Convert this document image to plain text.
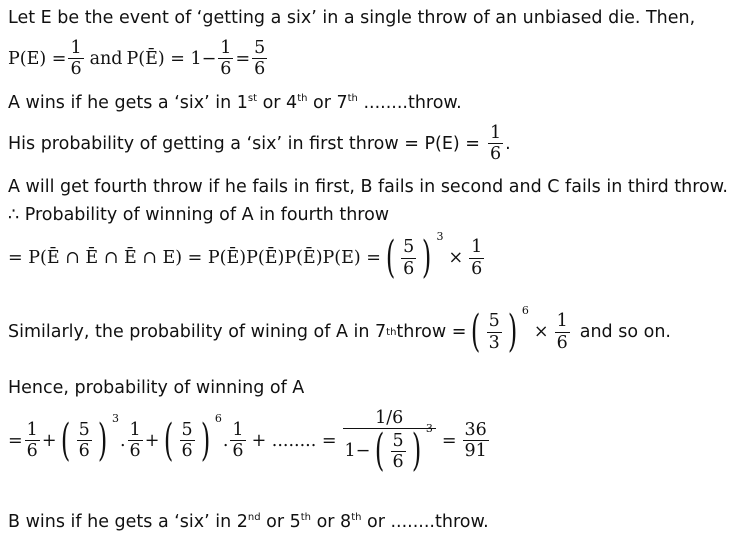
Let E be the event of ‘getting a six’ in a single throw of an unbiased die. Then,
$P(E) = \frac{1}{6}$ and P(Ē) = $1- \frac{1}{6} = \frac{5}{6}$
A wins if he gets a ‘six’ in 1st or 4th or 7th ........throw.
His probability of getting a ‘six’ in first throw = $P(E) = \frac{1}{6}$ .
A will get fourth throw if he fails in first, B fails in second and C fails in third throw.
∴ Probability of winning of A in fourth throw
= P(Ē ∩ Ē ∩ Ē ∩ E) = P(Ē)P(Ē)P(Ē)P(E) = ( $\frac{5}{6}$ ) 3
× $\frac{1}{6}$
Similarly, the probability of wining of A in 7 th throw = ( $\frac{5}{3}$ ) 6
× $\frac{1}{6}$ and so on.
Hence, probability of winning of A
= $\frac{1}{6}$ + ( $\frac{5}{6}$ ) 3
. $\frac{1}{6}$ + ( $\frac{5}{6}$ ) 6
. $\frac{1}{6}$ + ........ =
1/6
1− ( $\frac{5}{6}$ ) 3
= $\frac{36}{91}$
B wins if he gets a ‘six’ in 2nd or 5th or 8th or ........throw.
